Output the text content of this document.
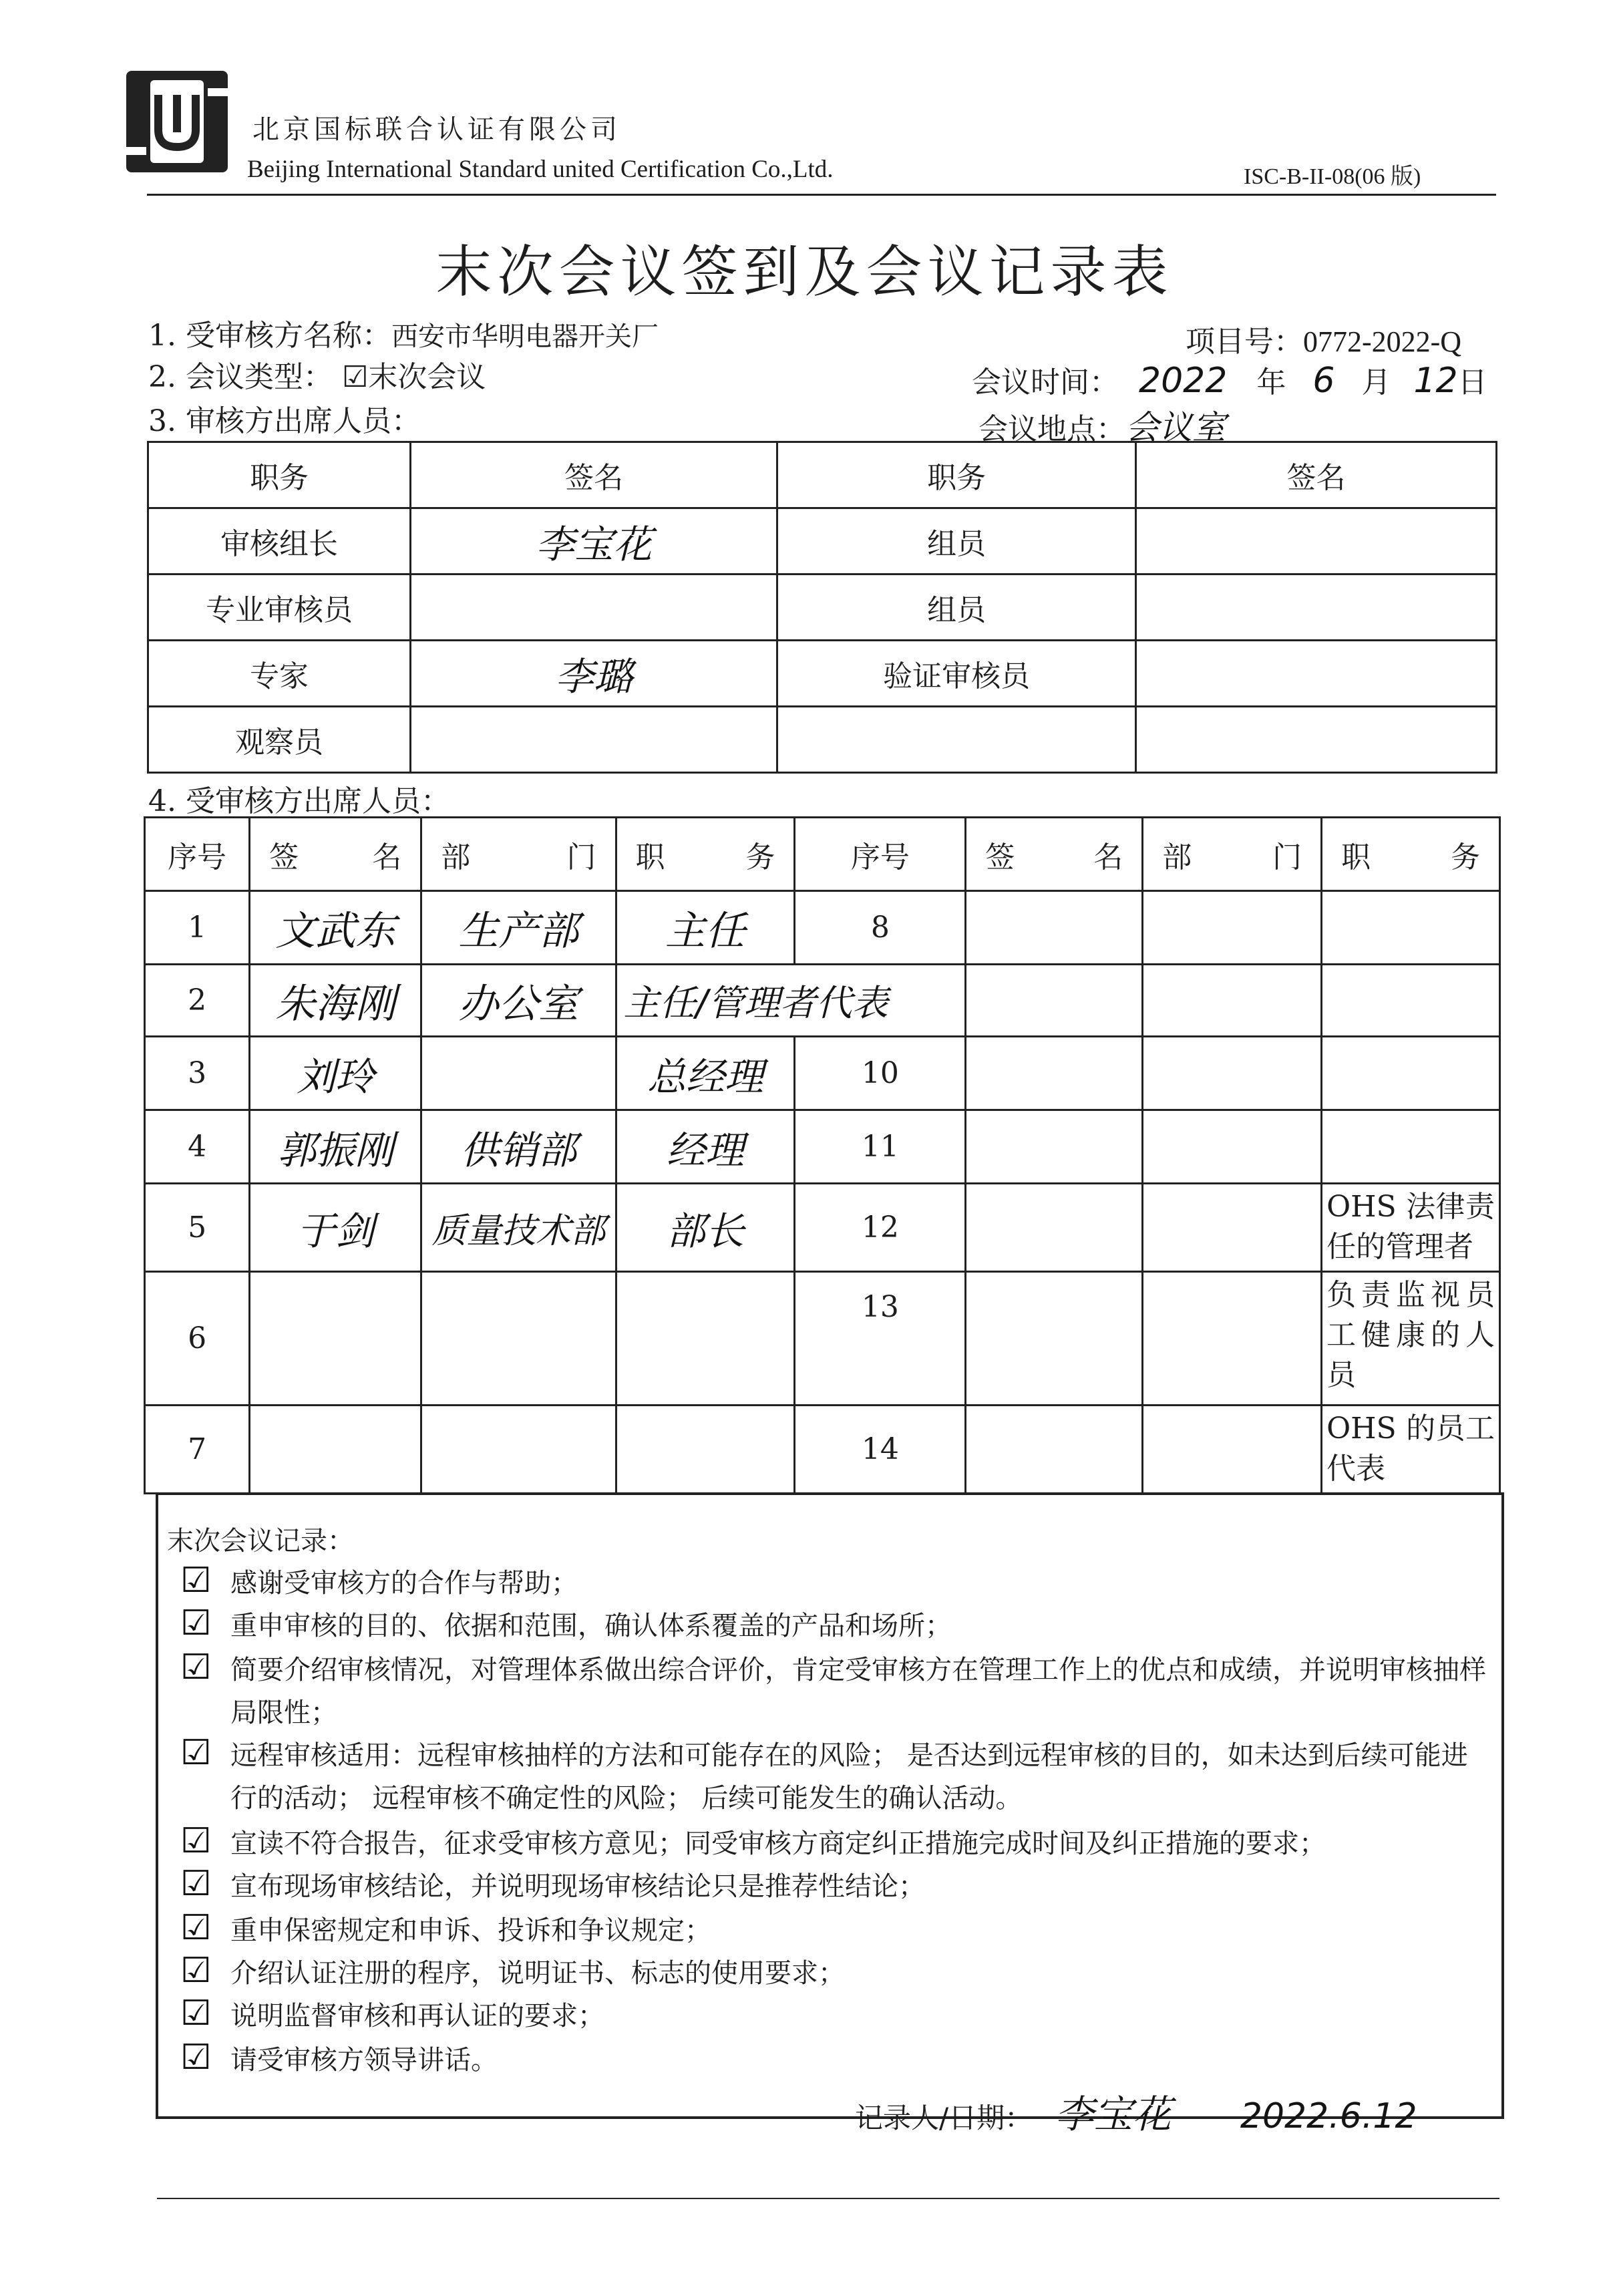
北京国标联合认证有限公司
Beijing International Standard united Certification Co.,Ltd.	ISC-B-II-08(06 版)
末次会议签到及会议记录表
1. 受审核方名称：西安市华明电器开关厂	项目号：0772-2022-Q
2. 会议类型： ☑末次会议	会议时间： 2022 年 6 月 12日
3. 审核方出席人员：	会议地点：会议室
职务	签名	职务	签名
审核组长	李宝花	组员	
专业审核员		组员	
专家	李璐	验证审核员	
观察员			
4. 受审核方出席人员：
序号	签 名	部 门	职 务	序号	签 名	部 门	职 务

1	文武东	生产部	主任	8			
2	朱海刚	办公室	主任/管理者代表				
3	刘玲		总经理	10			
4	郭振刚	供销部	经理	11			
5	于剑	质量技术部	部长	12			OHS 法律责任的管理者
6				13			负责监视员工健康的人员
7				14			OHS 的员工代表
末次会议记录：
☑ 感谢受审核方的合作与帮助；
☑ 重申审核的目的、依据和范围，确认体系覆盖的产品和场所；
☑ 简要介绍审核情况，对管理体系做出综合评价，肯定受审核方在管理工作上的优点和成绩，并说明审核抽样局限性；
☑ 远程审核适用：远程审核抽样的方法和可能存在的风险； 是否达到远程审核的目的，如未达到后续可能进行的活动； 远程审核不确定性的风险； 后续可能发生的确认活动。
☑ 宣读不符合报告，征求受审核方意见；同受审核方商定纠正措施完成时间及纠正措施的要求；
☑ 宣布现场审核结论，并说明现场审核结论只是推荐性结论；
☑ 重申保密规定和申诉、投诉和争议规定；
☑ 介绍认证注册的程序，说明证书、标志的使用要求；
☑ 说明监督审核和再认证的要求；
☑ 请受审核方领导讲话。
记录人/日期： 李宝花 2022.6.12
